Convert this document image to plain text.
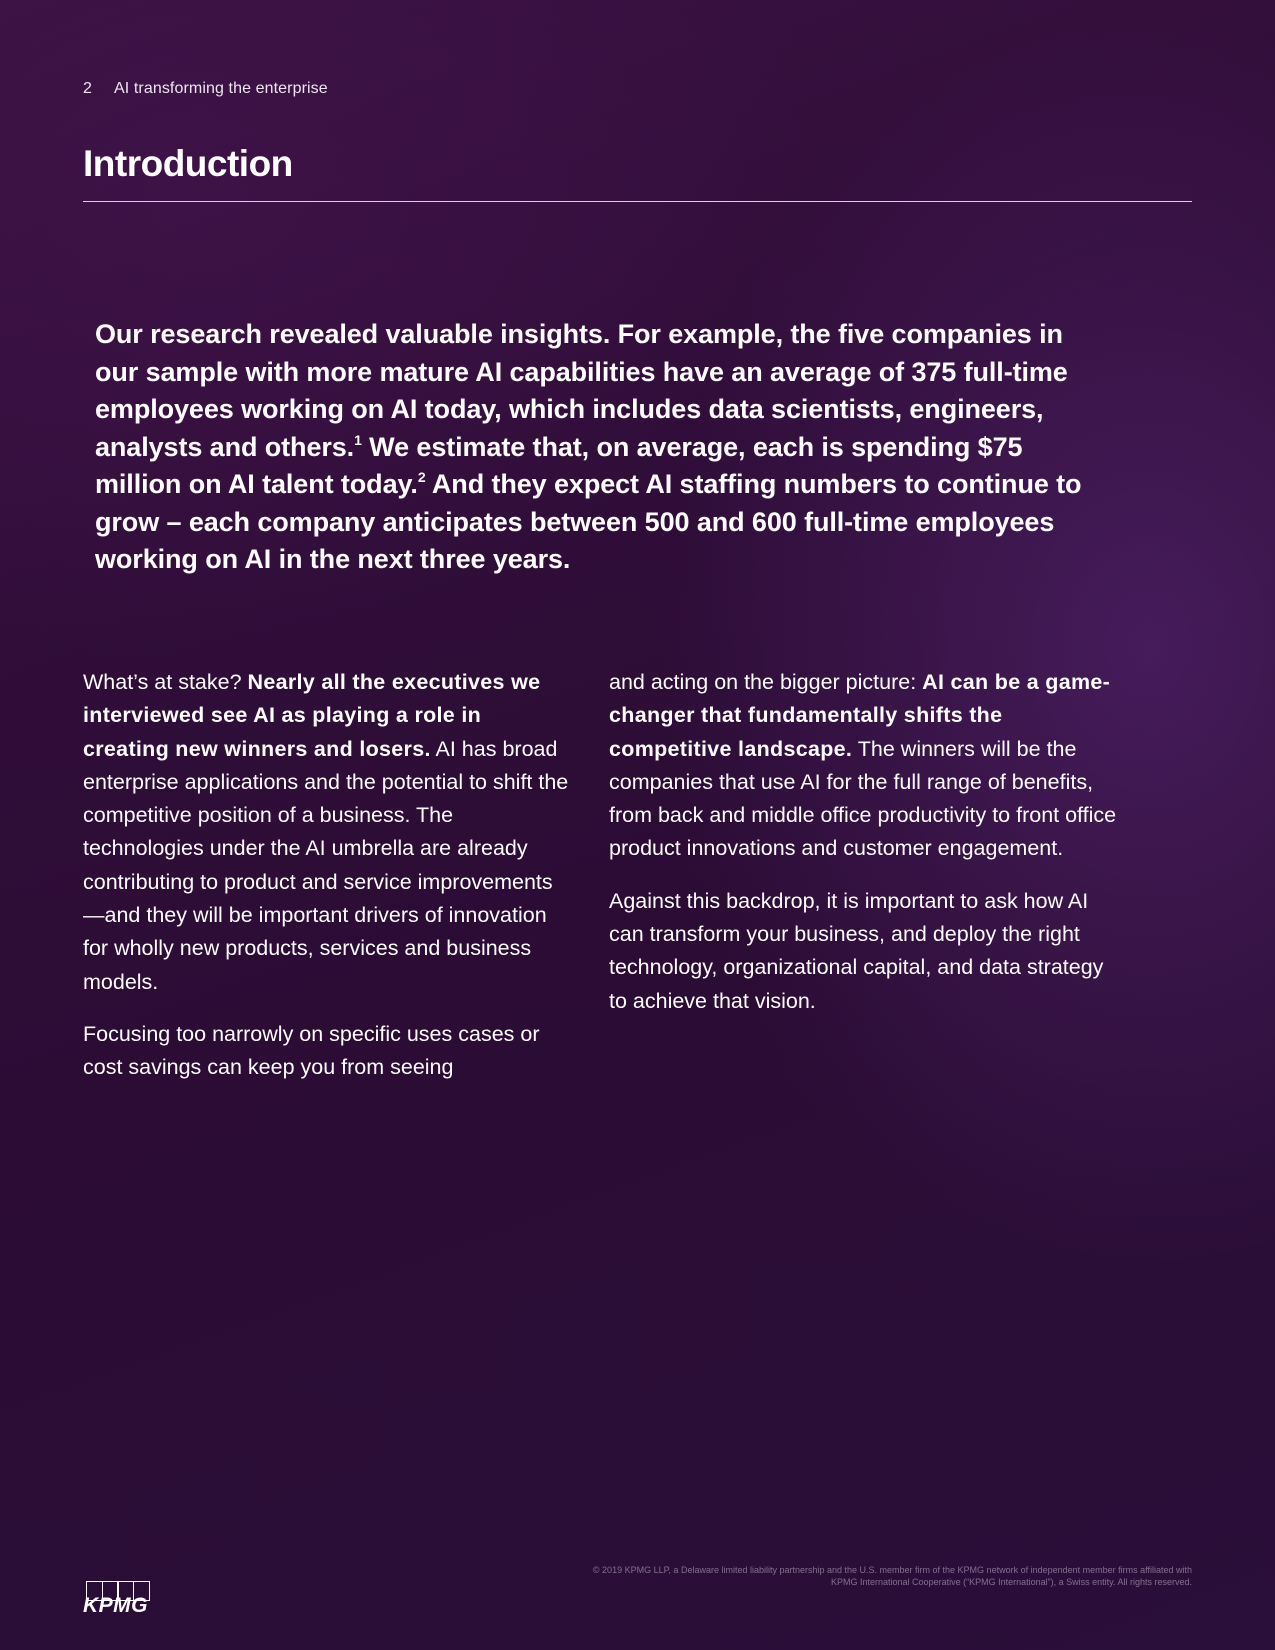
2 AI transforming the enterprise
Introduction

Our research revealed valuable insights. For example, the five companies in our sample with more mature AI capabilities have an average of 375 full-time employees working on AI today, which includes data scientists, engineers, analysts and others.$^1$ We estimate that, on average, each is spending $75 million on AI talent today.$^2$ And they expect AI staffing numbers to continue to grow – each company anticipates between 500 and 600 full-time employees working on AI in the next three years.

What’s at stake? Nearly all the executives we interviewed see AI as playing a role in creating new winners and losers. AI has broad enterprise applications and the potential to shift the competitive position of a business. The technologies under the AI umbrella are already contributing to product and service improvements—and they will be important drivers of innovation for wholly new products, services and business models.

Focusing too narrowly on specific uses cases or cost savings can keep you from seeing

and acting on the bigger picture: AI can be a game-changer that fundamentally shifts the competitive landscape. The winners will be the companies that use AI for the full range of benefits, from back and middle office productivity to front office product innovations and customer engagement.

Against this backdrop, it is important to ask how AI can transform your business, and deploy the right technology, organizational capital, and data strategy to achieve that vision.

© 2019 KPMG LLP, a Delaware limited liability partnership and the U.S. member firm of the KPMG network of independent member firms affiliated with
KPMG International Cooperative (“KPMG International”), a Swiss entity. All rights reserved.
KPMG
